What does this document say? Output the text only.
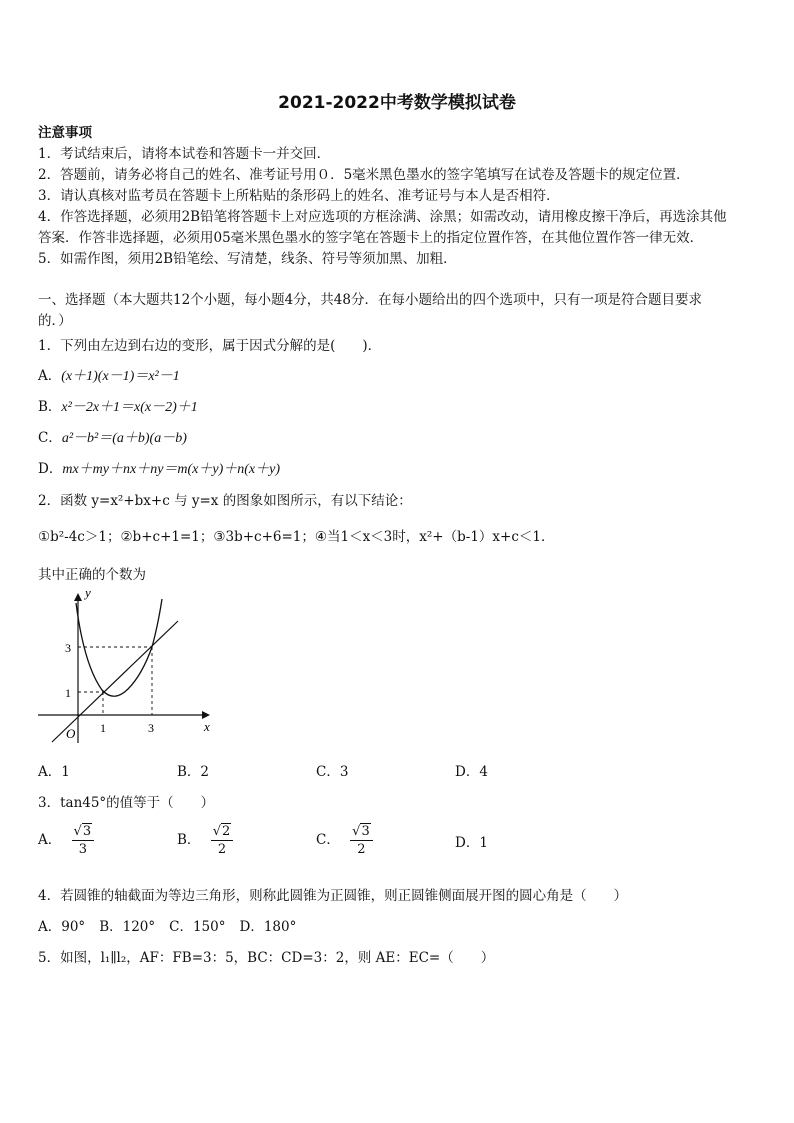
2021-2022中考数学模拟试卷
注意事项
1．考试结束后，请将本试卷和答题卡一并交回．
2．答题前，请务必将自己的姓名、准考证号用０．5毫米黑色墨水的签字笔填写在试卷及答题卡的规定位置．
3．请认真核对监考员在答题卡上所粘贴的条形码上的姓名、准考证号与本人是否相符．
4．作答选择题，必须用2B铅笔将答题卡上对应选项的方框涂满、涂黑；如需改动，请用橡皮擦干净后，再选涂其他
答案．作答非选择题，必须用05毫米黑色墨水的签字笔在答题卡上的指定位置作答，在其他位置作答一律无效．
5．如需作图，须用2B铅笔绘、写清楚，线条、符号等须加黑、加粗．
一、选择题（本大题共12个小题，每小题4分，共48分．在每小题给出的四个选项中，只有一项是符合题目要求
的．）
1．下列由左边到右边的变形，属于因式分解的是(　　)．
A．(x＋1)(x－1)＝x²－1
B．x²－2x＋1＝x(x－2)＋1
C．a²－b²＝(a＋b)(a－b)
D．mx＋my＋nx＋ny＝m(x＋y)＋n(x＋y)
2．函数 y=x²+bx+c 与 y=x 的图象如图所示，有以下结论：
①b²-4c＞1；②b+c+1=1；③3b+c+6=1；④当1＜x＜3时，x²+（b-1）x+c＜1．
其中正确的个数为
y
x
O 1	3
1
3
A．1	B．2	C．3	D．4
3．tan45°的值等于（　　）
A． $\frac{√3}{3}$	B． $\frac{√2}{2}$	C． $\frac{√3}{2}$	D．1
4．若圆锥的轴截面为等边三角形，则称此圆锥为正圆锥，则正圆锥侧面展开图的圆心角是（　　）
A．90° B．120° C．150° D．180°
5．如图，l₁∥l₂，AF：FB=3：5，BC：CD=3：2，则 AE：EC=（　　）
